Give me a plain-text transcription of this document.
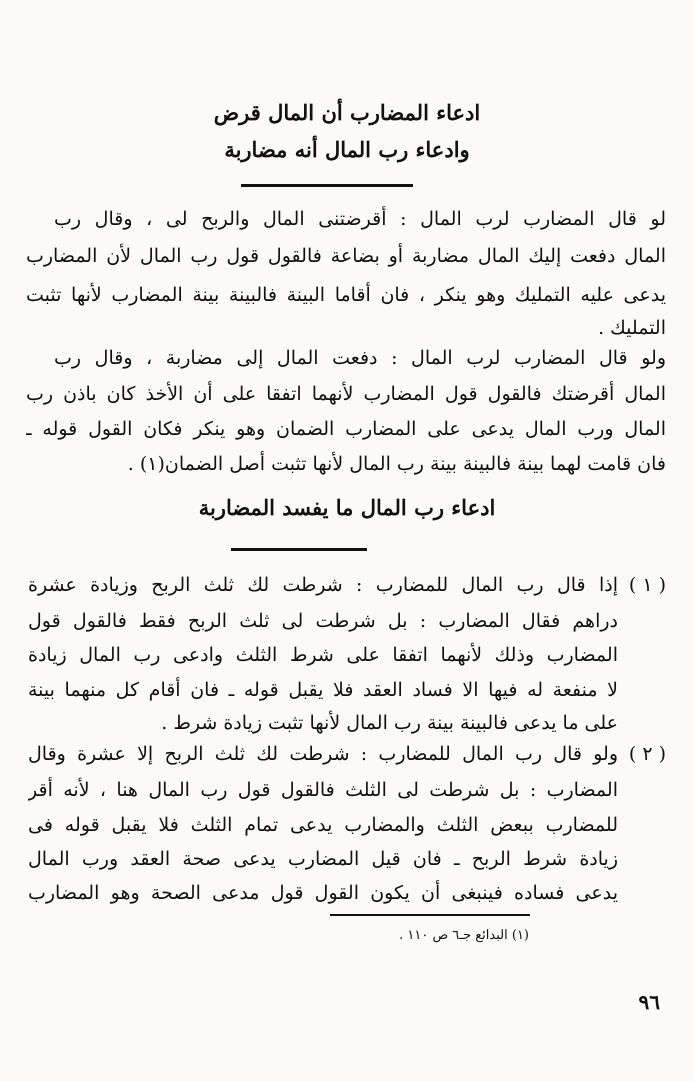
ادعاء المضارب أن المال قرض
وادعاء رب المال أنه مضاربة
لو قال المضارب لرب المال : أقرضتنى المال والربح لى ، وقال رب
المال دفعت إليك المال مضاربة أو بضاعة فالقول قول رب المال لأن المضارب
يدعى عليه التمليك وهو ينكر ، فان أقاما البينة فالبينة بينة المضارب لأنها تثبت
التمليك .
ولو قال المضارب لرب المال : دفعت المال إلى مضاربة ، وقال رب
المال أقرضتك فالقول قول المضارب لأنهما اتفقا على أن الأخذ كان باذن رب
المال ورب المال يدعى على المضارب الضمان وهو ينكر فكان القول قوله ـ
فان قامت لهما بينة فالبينة بينة رب المال لأنها تثبت أصل الضمان(١) .
ادعاء رب المال ما يفسد المضاربة
( ١ )
إذا قال رب المال للمضارب : شرطت لك ثلث الربح وزيادة عشرة
دراهم فقال المضارب : بل شرطت لى ثلث الربح فقط فالقول قول
المضارب وذلك لأنهما اتفقا على شرط الثلث وادعى رب المال زيادة
لا منفعة له فيها الا فساد العقد فلا يقبل قوله ـ فان أقام كل منهما بينة
على ما يدعى فالبينة بينة رب المال لأنها تثبت زيادة شرط .
( ٢ )
ولو قال رب المال للمضارب : شرطت لك ثلث الربح إلا عشرة وقال
المضارب : بل شرطت لى الثلث فالقول قول رب المال هنا ، لأنه أقر
للمضارب ببعض الثلث والمضارب يدعى تمام الثلث فلا يقبل قوله فى
زيادة شرط الربح ـ فان قيل المضارب يدعى صحة العقد ورب المال
يدعى فساده فينبغى أن يكون القول قول مدعى الصحة وهو المضارب
(١) البدائع جـ٦ ص ١١٠ .
٩٦
